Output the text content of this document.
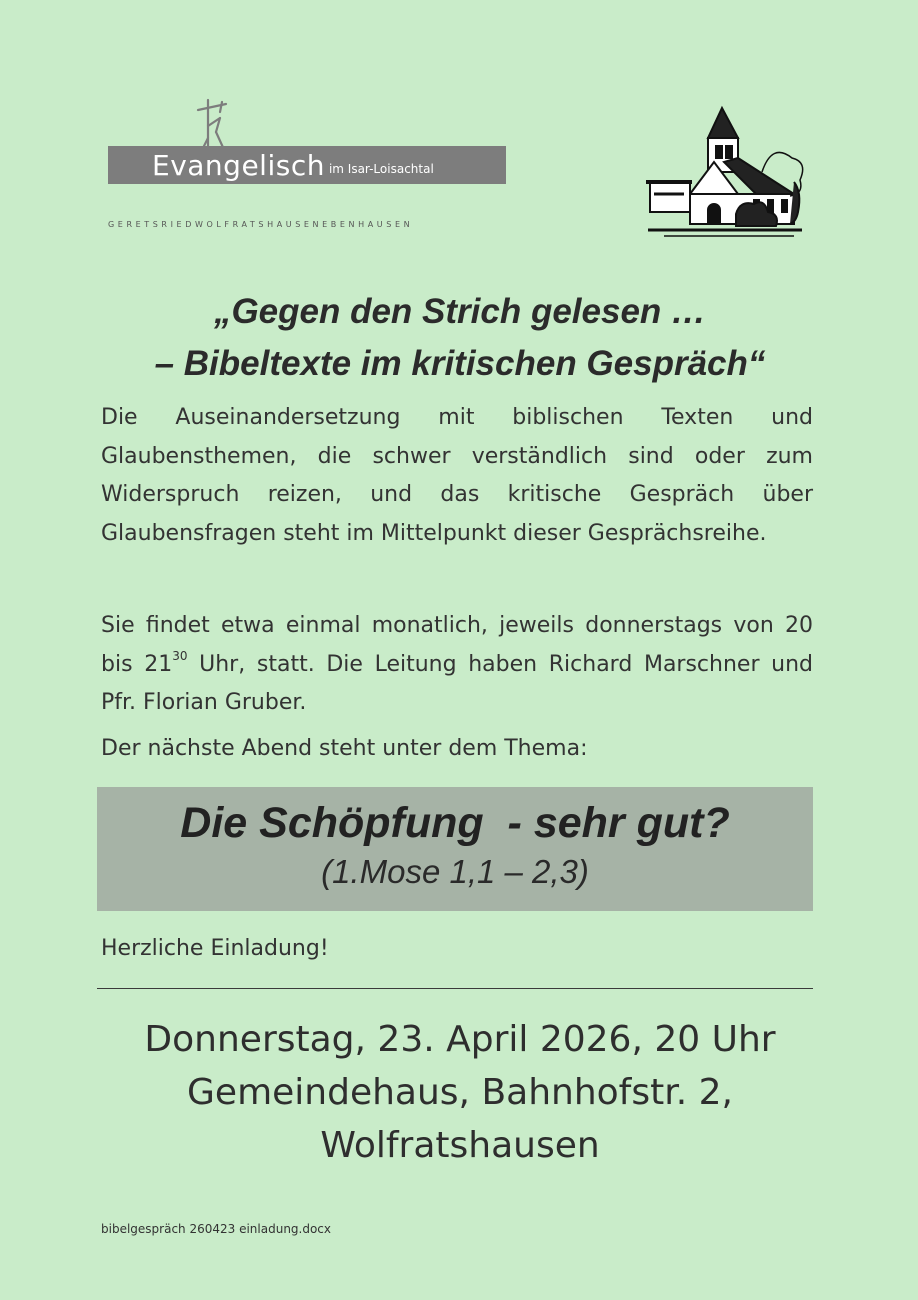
Evangelisch im Isar-Loisachtal
GERETSRIEDWOLFRATSHAUSENEBENHAUSEN
„Gegen den Strich gelesen …
– Bibeltexte im kritischen Gespräch“
Die Auseinandersetzung mit biblischen Texten und Glaubensthemen, die schwer verständlich sind oder zum Widerspruch reizen, und das kritische Gespräch über Glaubensfragen steht im Mittelpunkt dieser Gesprächsreihe.
Sie findet etwa einmal monatlich, jeweils donnerstags von 20 bis $21^{30}$ Uhr, statt. Die Leitung haben Richard Marschner und Pfr. Florian Gruber.
Der nächste Abend steht unter dem Thema:
Die Schöpfung  - sehr gut?
(1.Mose 1,1 – 2,3)
Herzliche Einladung!
Donnerstag, 23. April 2026, 20 Uhr
Gemeindehaus, Bahnhofstr. 2,
Wolfratshausen
bibelgespräch 260423 einladung.docx
